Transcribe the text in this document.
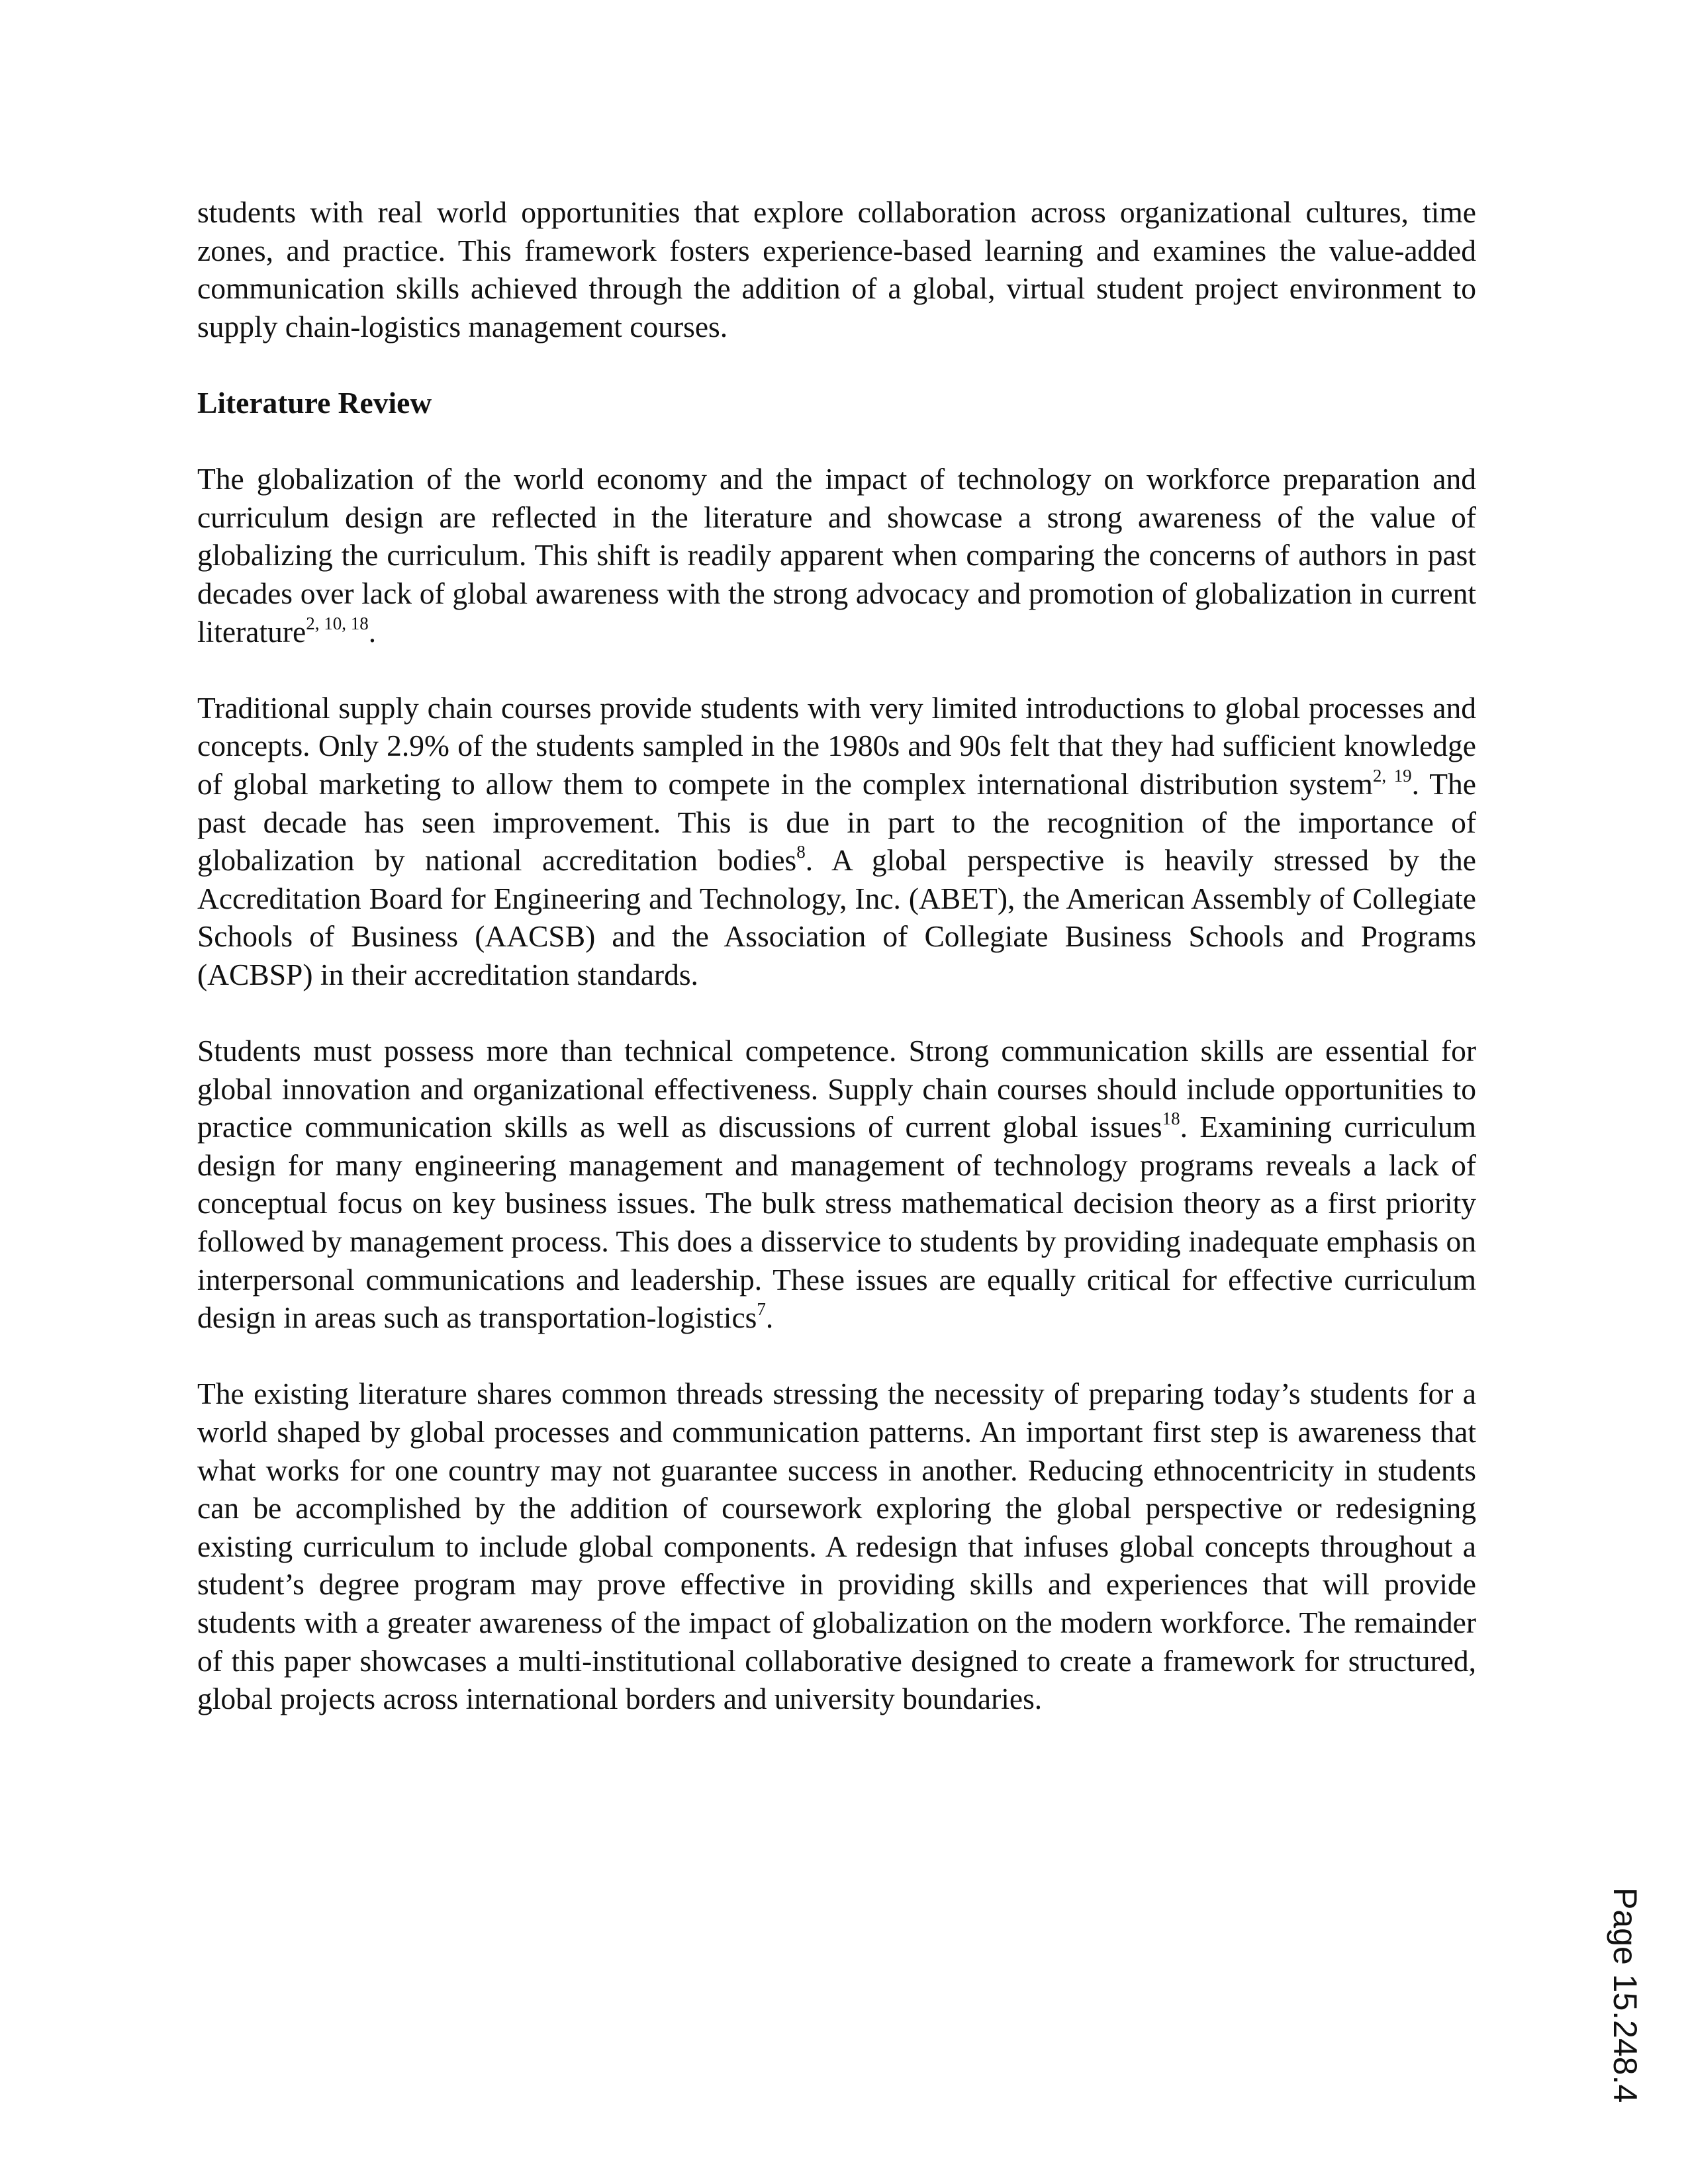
students with real world opportunities that explore collaboration across organizational cultures, time zones, and practice. This framework fosters experience-based learning and examines the value-added communication skills achieved through the addition of a global, virtual student project environment to supply chain-logistics management courses.

Literature Review

The globalization of the world economy and the impact of technology on workforce preparation and curriculum design are reflected in the literature and showcase a strong awareness of the value of globalizing the curriculum. This shift is readily apparent when comparing the concerns of authors in past decades over lack of global awareness with the strong advocacy and promotion of globalization in current literature$^{2, 10, 18}$.

Traditional supply chain courses provide students with very limited introductions to global processes and concepts. Only 2.9% of the students sampled in the 1980s and 90s felt that they had sufficient knowledge of global marketing to allow them to compete in the complex international distribution system$^{2, 19}$. The past decade has seen improvement. This is due in part to the recognition of the importance of globalization by national accreditation bodies$^8$. A global perspective is heavily stressed by the Accreditation Board for Engineering and Technology, Inc. (ABET), the American Assembly of Collegiate Schools of Business (AACSB) and the Association of Collegiate Business Schools and Programs (ACBSP) in their accreditation standards.

Students must possess more than technical competence. Strong communication skills are essential for global innovation and organizational effectiveness. Supply chain courses should include opportunities to practice communication skills as well as discussions of current global issues$^{18}$. Examining curriculum design for many engineering management and management of technology programs reveals a lack of conceptual focus on key business issues. The bulk stress mathematical decision theory as a first priority followed by management process. This does a disservice to students by providing inadequate emphasis on interpersonal communications and leadership. These issues are equally critical for effective curriculum design in areas such as transportation-logistics$^7$.

The existing literature shares common threads stressing the necessity of preparing today’s students for a world shaped by global processes and communication patterns. An important first step is awareness that what works for one country may not guarantee success in another. Reducing ethnocentricity in students can be accomplished by the addition of coursework exploring the global perspective or redesigning existing curriculum to include global components. A redesign that infuses global concepts throughout a student’s degree program may prove effective in providing skills and experiences that will provide students with a greater awareness of the impact of globalization on the modern workforce. The remainder of this paper showcases a multi-institutional collaborative designed to create a framework for structured, global projects across international borders and university boundaries.

Page 15.248.4
